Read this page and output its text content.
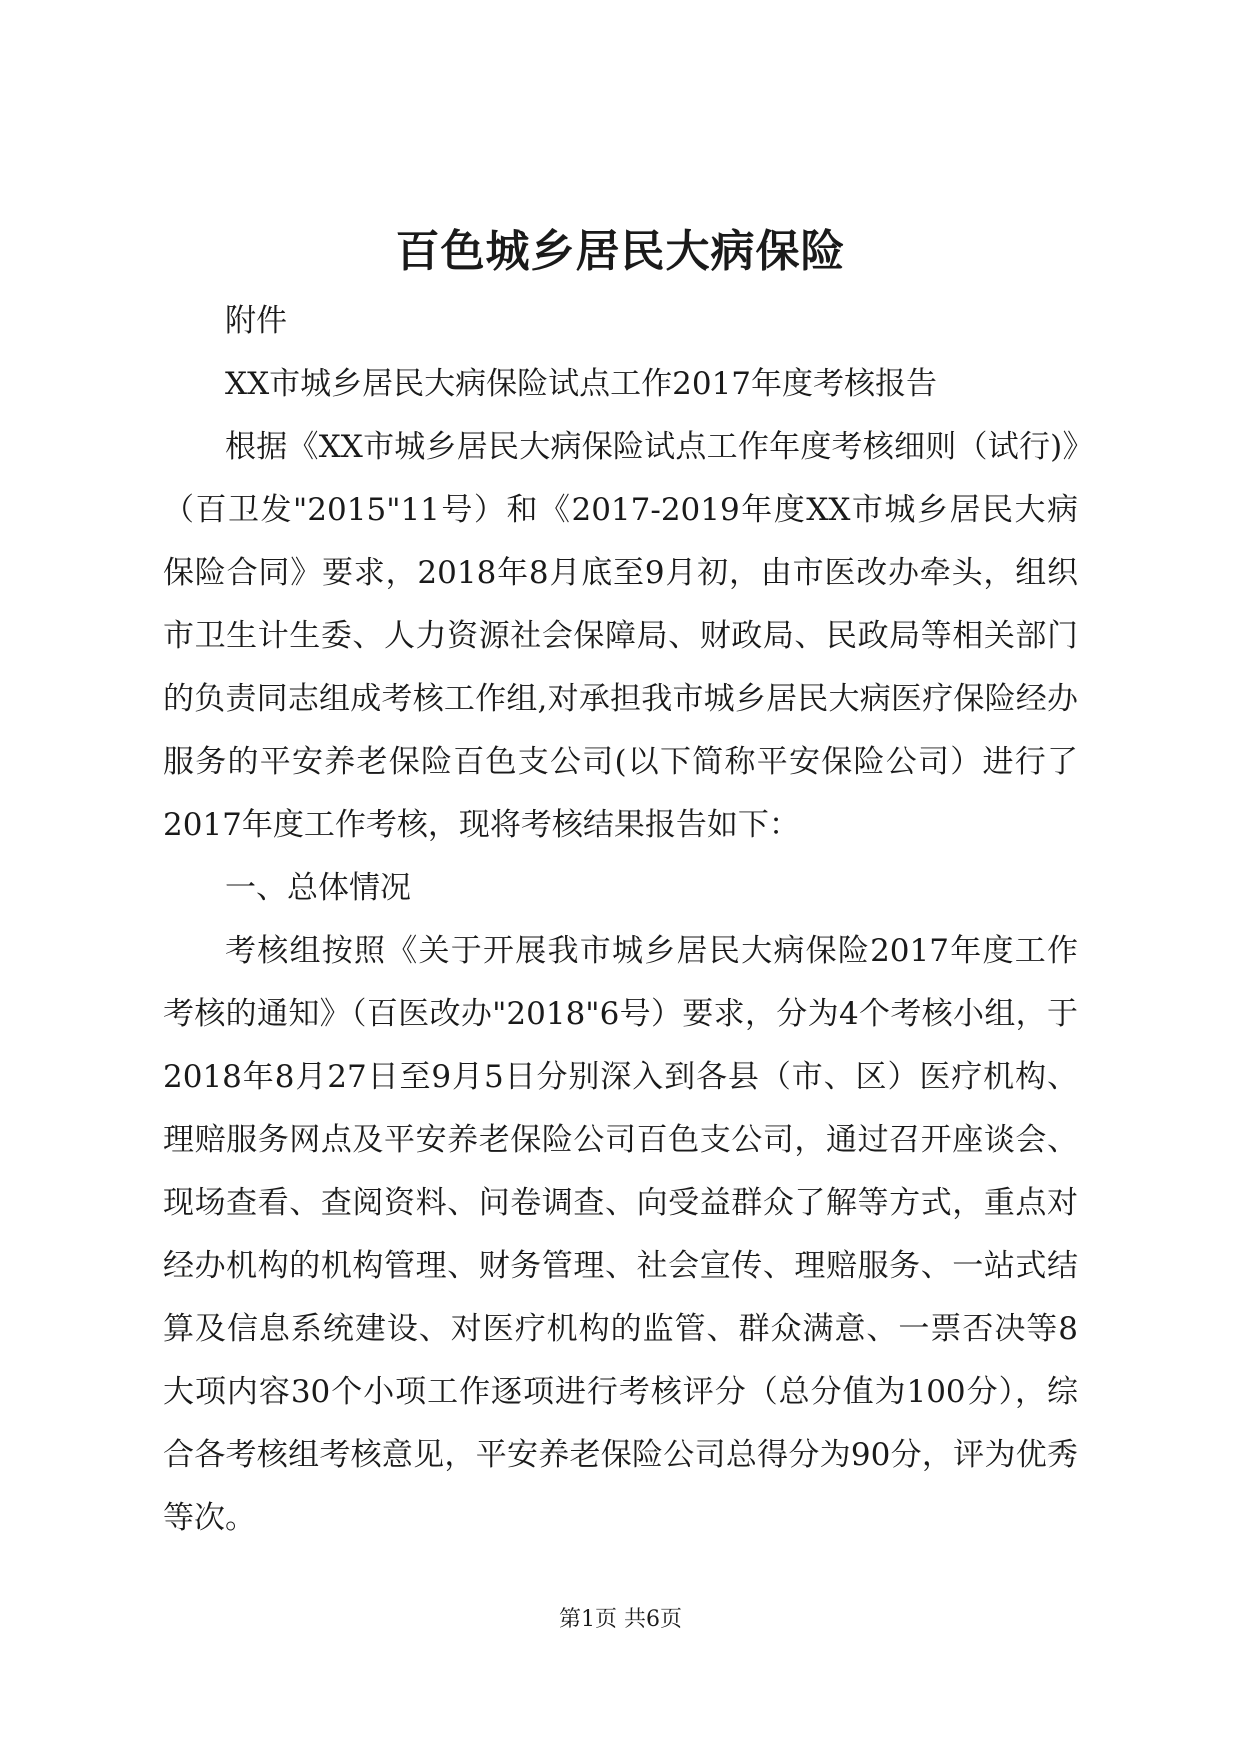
百色城乡居民大病保险

附件

XX市城乡居民大病保险试点工作2017年度考核报告

根据《XX市城乡居民大病保险试点工作年度考核细则（试行)》（百卫发"2015"11号）和《2017-2019年度XX市城乡居民大病保险合同》要求，2018年8月底至9月初，由市医改办牵头，组织市卫生计生委、人力资源社会保障局、财政局、民政局等相关部门的负责同志组成考核工作组,对承担我市城乡居民大病医疗保险经办服务的平安养老保险百色支公司(以下简称平安保险公司）进行了2017年度工作考核，现将考核结果报告如下：

一、总体情况

考核组按照《关于开展我市城乡居民大病保险2017年度工作考核的通知》（百医改办"2018"6号）要求，分为4个考核小组，于2018年8月27日至9月5日分别深入到各县（市、区）医疗机构、理赔服务网点及平安养老保险公司百色支公司，通过召开座谈会、现场查看、查阅资料、问卷调查、向受益群众了解等方式，重点对经办机构的机构管理、财务管理、社会宣传、理赔服务、一站式结算及信息系统建设、对医疗机构的监管、群众满意、一票否决等8大项内容30个小项工作逐项进行考核评分（总分值为100分），综合各考核组考核意见，平安养老保险公司总得分为90分，评为优秀等次。

第1页 共6页
